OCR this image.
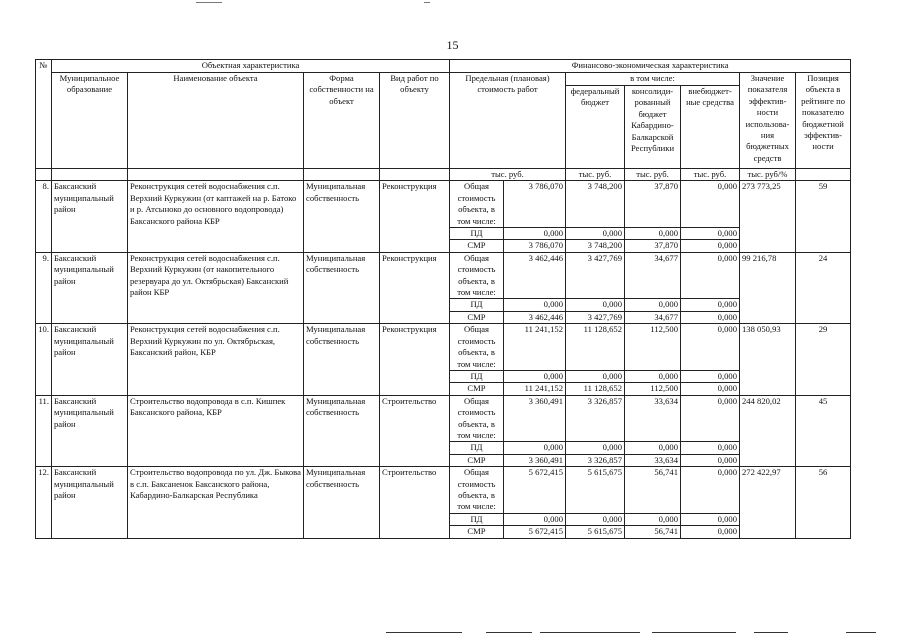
15
№	Объектная характеристика				Финансово-экономическая характеристика						
	Муниципальное образование	Наименование объекта	Форма собственности на объект	Вид работ по объекту	Предельная (плановая) стоимость работ		в том числе:			Значение показателя эффектив-ности использова-ния бюджетных средств	Позиция объекта в рейтинге по показателю бюджетной эффектив-ности
							федеральный бюджет	консолиди-рованный бюджет Кабардино-Балкарской Республики	внебюджет-ные средства		
					тыс. руб.		тыс. руб.	тыс. руб.	тыс. руб.	тыс. руб/%	
8.	Баксанский муниципальный район	Реконструкция сетей водоснабжения с.п. Верхний Куркужин (от каптажей на р. Батоко и р. Атсыноко до основного водопровода) Баксанского района КБР	Муниципальная собственность	Реконструкция	Общая стоимость объекта, в том числе:	3 786,070	3 748,200	37,870	0,000	273 773,25	59
					ПД	0,000	0,000	0,000	0,000		
					СМР	3 786,070	3 748,200	37,870	0,000		
9.	Баксанский муниципальный район	Реконструкция сетей водоснабжения с.п. Верхний Куркужин (от накопительного резервуара до ул. Октябрьская) Баксанский район КБР	Муниципальная собственность	Реконструкция	Общая стоимость объекта, в том числе:	3 462,446	3 427,769	34,677	0,000	99 216,78	24
					ПД	0,000	0,000	0,000	0,000		
					СМР	3 462,446	3 427,769	34,677	0,000		
10.	Баксанский муниципальный район	Реконструкция сетей водоснабжения с.п. Верхний Куркужин по ул. Октябрьская, Баксанский район, КБР	Муниципальная собственность	Реконструкция	Общая стоимость объекта, в том числе:	11 241,152	11 128,652	112,500	0,000	138 050,93	29
					ПД	0,000	0,000	0,000	0,000		
					СМР	11 241,152	11 128,652	112,500	0,000		
11.	Баксанский муниципальный район	Строительство водопровода в с.п. Кишпек Баксанского района, КБР	Муниципальная собственность	Строительство	Общая стоимость объекта, в том числе:	3 360,491	3 326,857	33,634	0,000	244 820,02	45
					ПД	0,000	0,000	0,000	0,000		
					СМР	3 360,491	3 326,857	33,634	0,000		
12.	Баксанский муниципальный район	Строительство водопровода по ул. Дж. Быкова в с.п. Баксаненок Баксанского района, Кабардино-Балкарская Республика	Муниципальная собственность	Строительство	Общая стоимость объекта, в том числе:	5 672,415	5 615,675	56,741	0,000	272 422,97	56
					ПД	0,000	0,000	0,000	0,000		
					СМР	5 672,415	5 615,675	56,741	0,000		
